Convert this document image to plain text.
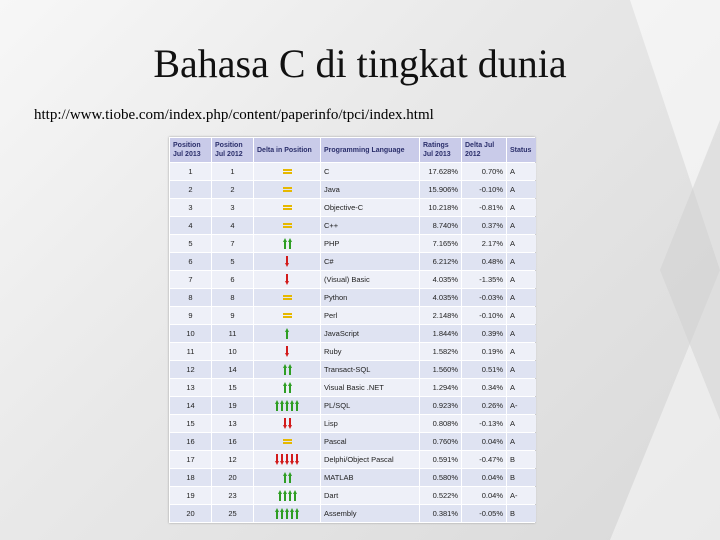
Bahasa C di tingkat dunia
http://www.tiobe.com/index.php/content/paperinfo/tpci/index.html
Position Jul 2013	Position Jul 2012	Delta in Position	Programming Language	Ratings Jul 2013	Delta Jul 2012	Status
1	1		C	17.628%	0.70%	A
2	2		Java	15.906%	-0.10%	A
3	3		Objective-C	10.218%	-0.81%	A
4	4		C++	8.740%	0.37%	A
5	7		PHP	7.165%	2.17%	A
6	5		C#	6.212%	0.48%	A
7	6		(Visual) Basic	4.035%	-1.35%	A
8	8		Python	4.035%	-0.03%	A
9	9		Perl	2.148%	-0.10%	A
10	11		JavaScript	1.844%	0.39%	A
11	10		Ruby	1.582%	0.19%	A
12	14		Transact-SQL	1.560%	0.51%	A
13	15		Visual Basic .NET	1.294%	0.34%	A
14	19		PL/SQL	0.923%	0.26%	A-
15	13		Lisp	0.808%	-0.13%	A
16	16		Pascal	0.760%	0.04%	A
17	12		Delphi/Object Pascal	0.591%	-0.47%	B
18	20		MATLAB	0.580%	0.04%	B
19	23		Dart	0.522%	0.04%	A-
20	25		Assembly	0.381%	-0.05%	B
